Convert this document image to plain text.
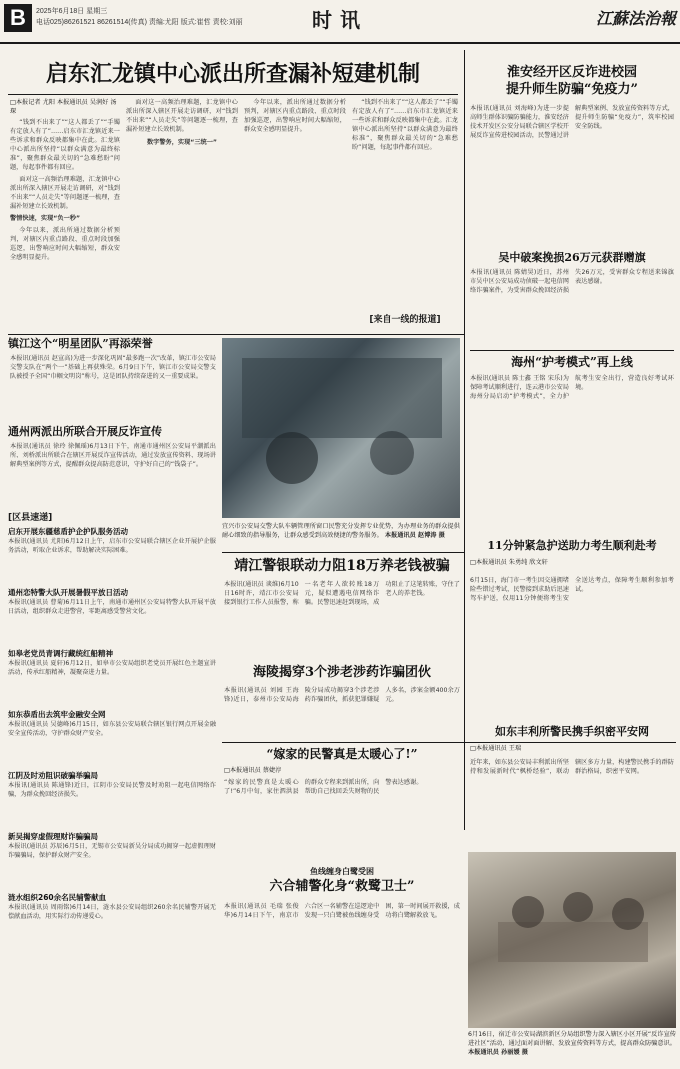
B	2025年6月18日 星期三
电话025)86261521 86261514(传真) 责编:尤阳 版式:崔哲 责校:刘丽	时讯	江蘇法治報
启东汇龙镇中心派出所查漏补短建机制
□本报记者 尤阳 本报通讯员 吴润好 汤琛

“钱到不出来了”“这人都丢了”“手镯有定放人有了”……启东市汇龙镇近来一些诉求和群众反映都集中在此。汇龙镇中心派出所坚持“以群众满意为最终标准”，聚焦群众最关切的“急难愁盼”问题，每起事件都有回应。

面对这一高频治理难题，汇龙镇中心派出所深入辖区开展走访调研，对“钱到不出来”“人员走失”等问题逐一梳理，查漏补短建立长效机制。

警情快速，实现“负一秒”

今年以来，派出所通过数据分析预判，对辖区内重点路段、重点时段加强巡逻，出警响应时间大幅缩短，群众安全感明显提升。

面对这一高频治理难题，汇龙镇中心派出所深入辖区开展走访调研，对“钱到不出来”“人员走失”等问题逐一梳理，查漏补短建立长效机制。

数字警务，实现“三统一”

今年以来，派出所通过数据分析预判，对辖区内重点路段、重点时段加强巡逻，出警响应时间大幅缩短，群众安全感明显提升。

“钱到不出来了”“这人都丢了”“手镯有定放人有了”……启东市汇龙镇近来一些诉求和群众反映都集中在此。汇龙镇中心派出所坚持“以群众满意为最终标准”，聚焦群众最关切的“急难愁盼”问题，每起事件都有回应。

[来自一线的报道]
淮安经开区反诈进校园
提升师生防骗“免疫力”
本报讯(通讯员 刘海峰)为进一步提高师生群体识骗防骗能力，淮安经济技术开发区公安分局联合辖区学校开展反诈宣传进校园活动，民警通过讲解典型案例、发放宣传资料等方式，提升师生防骗“免疫力”，筑牢校园安全防线。
吴中破案挽损26万元获群赠旗
本报讯(通讯员 陈婧昊)近日，苏州市吴中区公安局成功侦破一起电信网络诈骗案件，为受害群众挽回经济损失26万元，受害群众专程送来锦旗表达感谢。
海州“护考模式”再上线
本报讯(通讯员 陈士鑫 王铭 宋乐)为保障考试顺利进行，连云港市公安局海州分局启动“护考模式”，全力护航考生安全出行，营造良好考试环境。
镇江这个“明星团队”再添荣誉
本报讯(通讯员 赵宣高)为进一步深化巩固“最多跑一次”改革，镇江市公安局交警支队在“两个一”基础上再获殊荣。6月9日下午，镇江市公安局交警支队被授予全国“巾帼文明岗”称号，这是团队持续奋进的又一重要成果。
通州两派出所联合开展反诈宣传
本报讯(通讯员 徐玲 徐佩瑶)6月13日下午，南通市通州区公安局平潮派出所、刘桥派出所联合在辖区开展反诈宣传活动，通过发放宣传资料、现场讲解典型案例等方式，提醒群众提高防范意识，守护好自己的“钱袋子”。
[区县速递]
启东开展东疆慈盾护企护队服务活动
本报讯(通讯员 尤阳)6月12日上午，启东市公安局联合辖区企业开展护企服务活动，听取企业诉求，帮助解决实际困难。
通州恋特警大队开展暑假平放日活动
本报讯(通讯员 曹菊)6月11日上午，南通市通州区公安局特警大队开展平放日活动，组织群众走进警营，零距离感受警营文化。
如皋老党员青调行藏统红船精神
本报讯(通讯员 夏轩)6月12日，如皋市公安局组织老党员开展红色主题宣讲活动，传承红船精神，凝聚奋进力量。
如东恭盾出去筑牢金融安全网
本报讯(通讯员 吴德峰)6月15日，如东县公安局联合辖区银行网点开展金融安全宣传活动，守护群众财产安全。
江阴及时劝阻识破骗举骗局
本报讯(通讯员 陈通锋)近日，江阴市公安局民警及时劝阻一起电信网络诈骗，为群众挽回经济损失。
新吴揭穿虚假理财诈骗骗局
本报讯(通讯员 苏辰)6月5日，无锡市公安局新吴分局成功揭穿一起虚假理财诈骗骗局，保护群众财产安全。
涟水组织260余名民辅警献血
本报讯(通讯员 周雨铭)6月14日，涟水县公安局组织260余名民辅警开展无偿献血活动，用实际行动传递爱心。
宜兴市公安局交警大队车辆管理所窗口民警充分发挥专业优势，为办理业务的群众提供耐心细致的指导服务，让群众感受到高效便捷的警务服务。 本报通讯员 赵博涛 摄
靖江警银联动力阻18万养老钱被骗
本报讯(通讯员 谈维)6月10日16时许，靖江市公安局接到银行工作人员报警，称一名老年人欲转账18万元，疑似遭遇电信网络诈骗。民警迅速赶到现场，成功阻止了这笔转账，守住了老人的养老钱。
海陵揭穿3个涉老涉药诈骗团伙
本报讯(通讯员 刘园 王海锋)近日，泰州市公安局海陵分局成功揭穿3个涉老涉药诈骗团伙，抓获犯罪嫌疑人多名，涉案金额400余万元。
11分钟紧急护送助力考生顺利赴考
□本报通讯员 朱勇纯 欣文轩
6月15日，海门市一考生因交通拥堵险些错过考试，民警接到求助后迅速驾车护送，仅用11分钟便将考生安全送达考点，保障考生顺利参加考试。
如东丰利所警民携手织密平安网
□本报通讯员 王瑞
近年来，如东县公安局丰利派出所坚持和发展新时代“枫桥经验”，联动辖区多方力量，构建警民携手的群防群治格局，织密平安网。
“嫁家的民警真是太暖心了!”
□本报通讯员 蔡婕淳
“嫁家的民警真是太暖心了!”6月中旬，家住泗洪县的群众专程来到派出所，向帮助自己找回丢失财物的民警表达感谢。
鱼线缠身白鹭受困
六合辅警化身“救鹭卫士”
本报讯(通讯员 毛瑞 张俊华)6月14日下午，南京市六合区一名辅警在巡逻途中发现一只白鹭被鱼线缠身受困，第一时间展开救援，成功将白鹭解救放飞。
6月16日，宿迁市公安局湖滨新区分局组织警力深入辖区小区开展“反诈宣传进社区”活动，通过面对面讲解、发放宣传资料等方式，提高群众防骗意识。 本报通讯员 孙丽媛 摄
